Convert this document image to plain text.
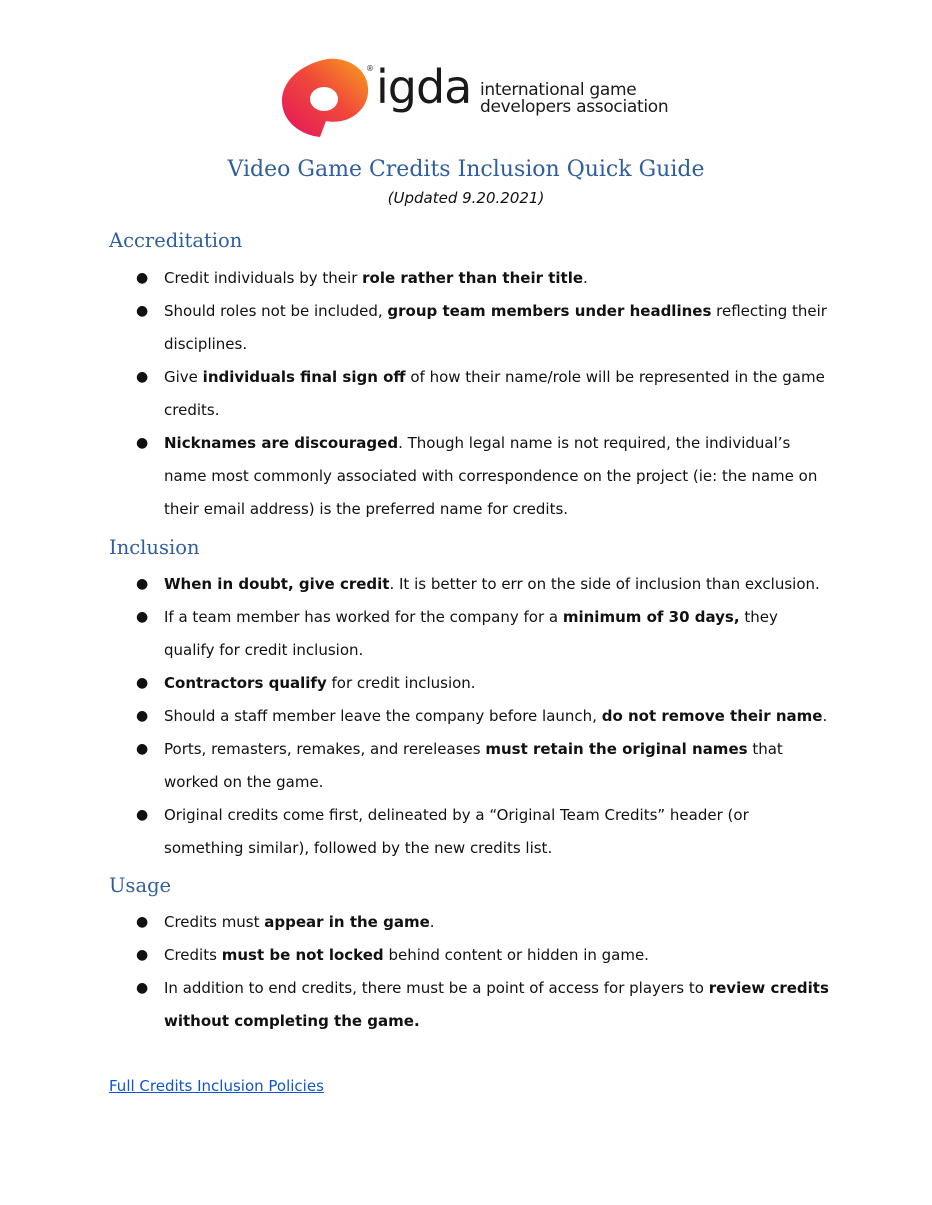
® igda international game
developers association
Video Game Credits Inclusion Quick Guide
(Updated 9.20.2021)
Accreditation
● Credit individuals by their role rather than their title.
● Should roles not be included, group team members under headlines reflecting their disciplines.
● Give individuals final sign off of how their name/role will be represented in the game credits.
● Nicknames are discouraged. Though legal name is not required, the individual’s name most commonly associated with correspondence on the project (ie: the name on their email address) is the preferred name for credits.
Inclusion
● When in doubt, give credit. It is better to err on the side of inclusion than exclusion.
● If a team member has worked for the company for a minimum of 30 days, they qualify for credit inclusion.
● Contractors qualify for credit inclusion.
● Should a staff member leave the company before launch, do not remove their name.
● Ports, remasters, remakes, and rereleases must retain the original names that worked on the game.
● Original credits come first, delineated by a “Original Team Credits” header (or something similar), followed by the new credits list.
Usage
● Credits must appear in the game.
● Credits must be not locked behind content or hidden in game.
● In addition to end credits, there must be a point of access for players to review credits without completing the game.
Full Credits Inclusion Policies
